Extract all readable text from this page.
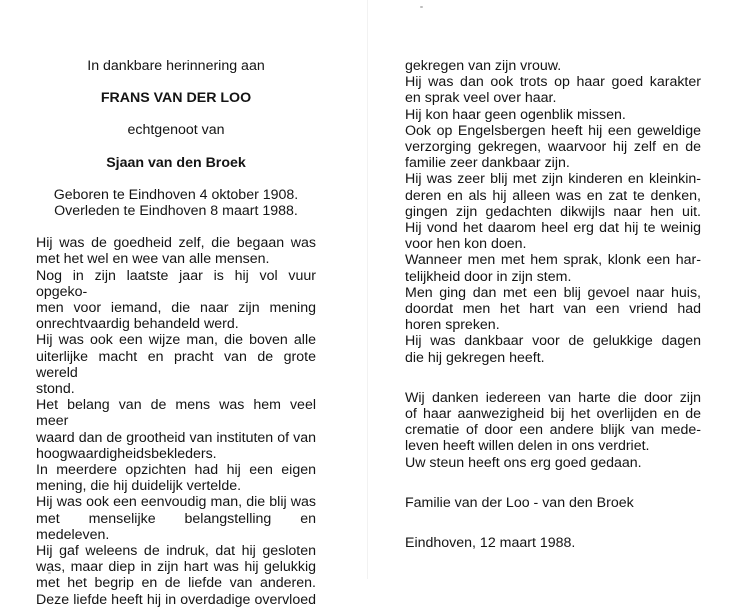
In dankbare herinnering aan

FRANS VAN DER LOO

echtgenoot van

Sjaan van den Broek

Geboren te Eindhoven 4 oktober 1908.

Overleden te Eindhoven 8 maart 1988.

Hij was de goedheid zelf, die begaan was

met het wel en wee van alle mensen.

Nog in zijn laatste jaar is hij vol vuur opgeko-

men voor iemand, die naar zijn mening

onrechtvaardig behandeld werd.

Hij was ook een wijze man, die boven alle

uiterlijke macht en pracht van de grote wereld

stond.

Het belang van de mens was hem veel meer

waard dan de grootheid van instituten of van

hoogwaardigheidsbekleders.

In meerdere opzichten had hij een eigen

mening, die hij duidelijk vertelde.

Hij was ook een eenvoudig man, die blij was

met menselijke belangstelling en medeleven.

Hij gaf weleens de indruk, dat hij gesloten

was, maar diep in zijn hart was hij gelukkig

met het begrip en de liefde van anderen.

Deze liefde heeft hij in overdadige overvloed

gekregen van zijn vrouw.

Hij was dan ook trots op haar goed karakter

en sprak veel over haar.

Hij kon haar geen ogenblik missen.

Ook op Engelsbergen heeft hij een geweldige

verzorging gekregen, waarvoor hij zelf en de

familie zeer dankbaar zijn.

Hij was zeer blij met zijn kinderen en kleinkin-

deren en als hij alleen was en zat te denken,

gingen zijn gedachten dikwijls naar hen uit.

Hij vond het daarom heel erg dat hij te weinig

voor hen kon doen.

Wanneer men met hem sprak, klonk een har-

telijkheid door in zijn stem.

Men ging dan met een blij gevoel naar huis,

doordat men het hart van een vriend had

horen spreken.

Hij was dankbaar voor de gelukkige dagen

die hij gekregen heeft.

Wij danken iedereen van harte die door zijn

of haar aanwezigheid bij het overlijden en de

crematie of door een andere blijk van mede-

leven heeft willen delen in ons verdriet.

Uw steun heeft ons erg goed gedaan.

Familie van der Loo - van den Broek

Eindhoven, 12 maart 1988.
